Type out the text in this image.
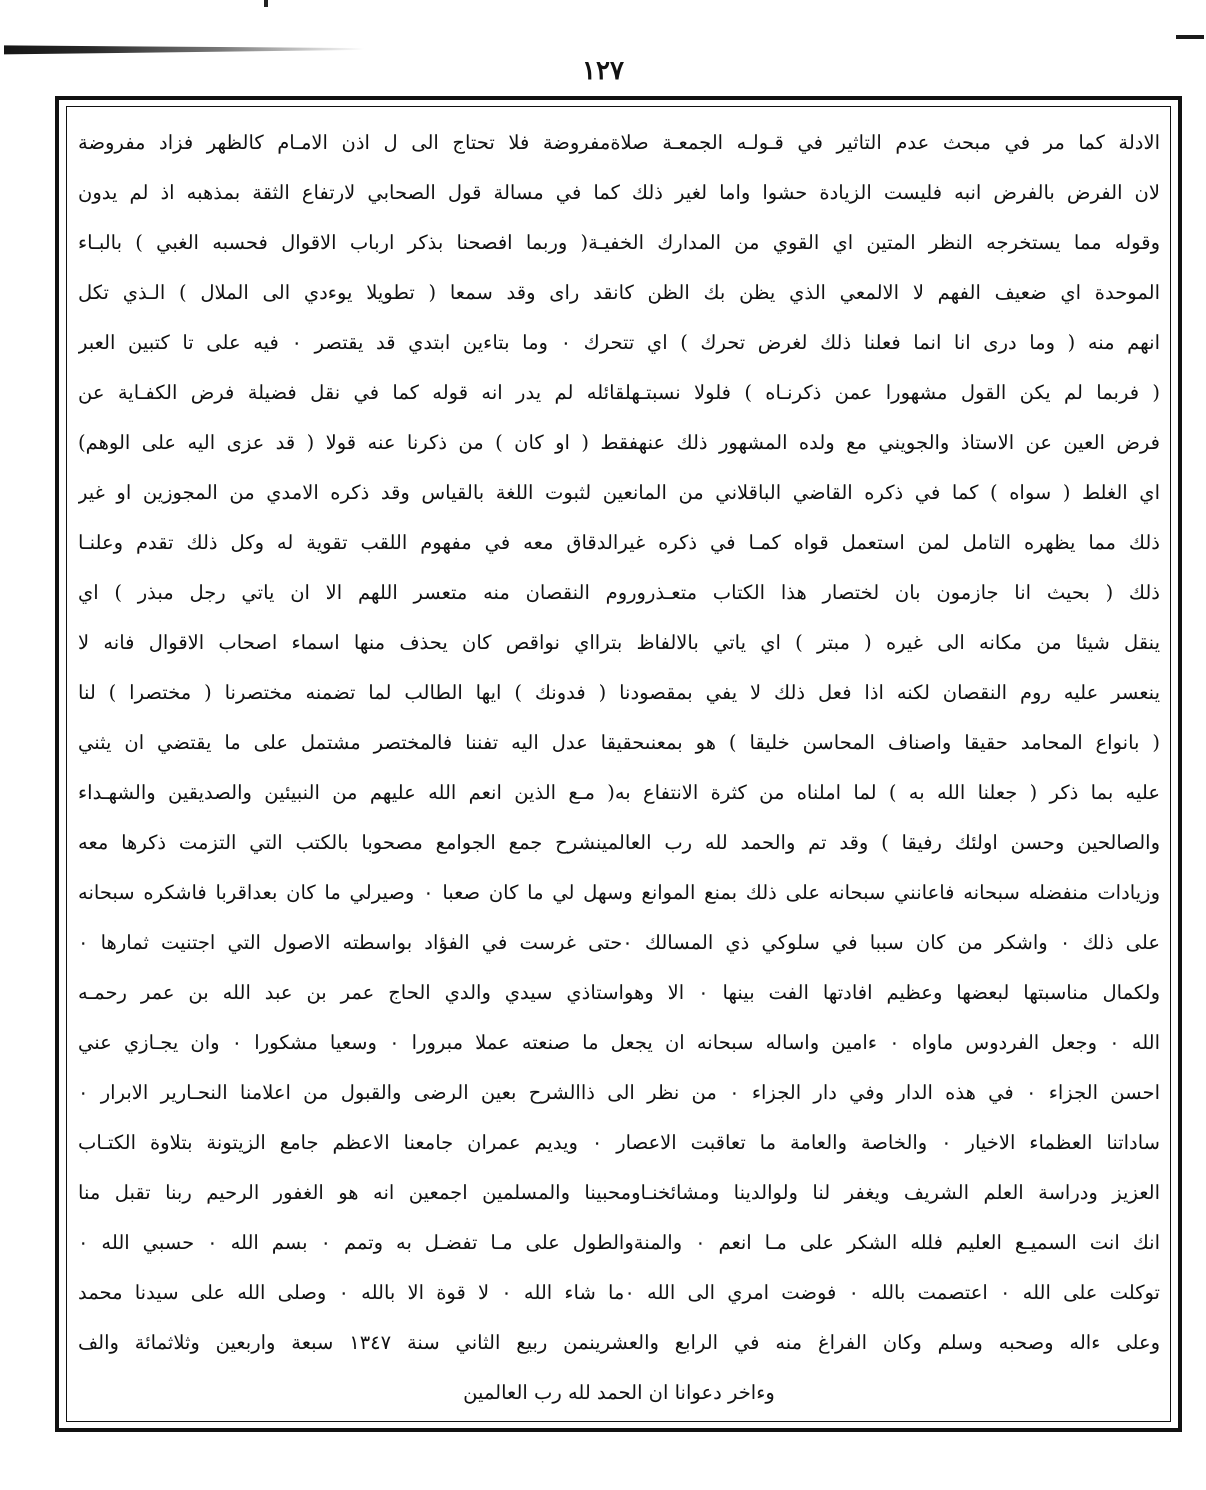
١٢٧
الادلة كما مر في مبحث عدم التاثير في قـولـه الجمعـة صلاةمفروضة فلا تحتاج الى ل اذن الامـام كالظهر فزاد مفروضة
لان الفرض بالفرض انبه فليست الزيادة حشوا واما لغير ذلك كما في مسالة قول الصحابي لارتفاع الثقة بمذهبه اذ لم يدون
وقوله مما يستخرجه النظر المتين اي القوي من المدارك الخفيـة( وربما افصحنا بذكر ارباب الاقوال فحسبه الغبي ) بالبـاء
الموحدة اي ضعيف الفهم لا الالمعي الذي يظن بك الظن كانقد راى وقد سمعا ( تطويلا يوءدي الى الملال ) الـذي تكل
انهم منه ( وما درى انا انما فعلنا ذلك لغرض تحرك ) اي تتحرك ٠ وما بتاءين ابتدي قد يقتصر ٠ فيه على تا كتبين العبر
( فربما لم يكن القول مشهورا عمن ذكرنـاه ) فلولا نسبتـهلقائله لم يدر انه قوله كما في نقل فضيلة فرض الكفـاية عن
فرض العين عن الاستاذ والجويني مع ولده المشهور ذلك عنهفقط ( او كان ) من ذكرنا عنه قولا ( قد عزى اليه على الوهم)
اي الغلط ( سواه ) كما في ذكره القاضي الباقلاني من المانعين لثبوت اللغة بالقياس وقد ذكره الامدي من المجوزين او غير
ذلك مما يظهره التامل لمن استعمل قواه كمـا في ذكره غيرالدقاق معه في مفهوم اللقب تقوية له وكل ذلك تقدم وعلنـا
ذلك ( بحيث انا جازمون بان لختصار هذا الكتاب متعـذروروم النقصان منه متعسر اللهم الا ان ياتي رجل مبذر ) اي
ينقل شيئا من مكانه الى غيره ( مبتر ) اي ياتي بالالفاظ بترااي نواقص كان يحذف منها اسماء اصحاب الاقوال فانه لا
ينعسر عليه روم النقصان لكنه اذا فعل ذلك لا يفي بمقصودنا ( فدونك ) ايها الطالب لما تضمنه مختصرنا ( مختصرا ) لنا
( بانواع المحامد حقيقا واصناف المحاسن خليقا ) هو بمعنىحقيقا عدل اليه تفننا فالمختصر مشتمل على ما يقتضي ان يثني
عليه بما ذكر ( جعلنا الله به ) لما املناه من كثرة الانتفاع به( مـع الذين انعم الله عليهم من النبيئين والصديقين والشهـداء
والصالحين وحسن اولئك رفيقا ) وقد تم والحمد لله رب العالمينشرح جمع الجوامع مصحوبا بالكتب التي التزمت ذكرها معه
وزيادات منفضله سبحانه فاعانني سبحانه على ذلك بمنع الموانع وسهل لي ما كان صعبا ٠ وصيرلي ما كان بعداقربا فاشكره سبحانه
على ذلك ٠ واشكر من كان سببا في سلوكي ذي المسالك ٠حتى غرست في الفؤاد بواسطته الاصول التي اجتنيت ثمارها ٠
ولكمال مناسبتها لبعضها وعظيم افادتها الفت بينها ٠ الا وهواستاذي سيدي والدي الحاج عمر بن عبد الله بن عمر رحمـه
الله ٠ وجعل الفردوس ماواه ٠ ءامين واساله سبحانه ان يجعل ما صنعته عملا مبرورا ٠ وسعيا مشكورا ٠ وان يجـازي عني
احسن الجزاء ٠ في هذه الدار وفي دار الجزاء ٠ من نظر الى ذاالشرح بعين الرضى والقبول من اعلامنا النحـارير الابرار ٠
ساداتنا العظماء الاخيار ٠ والخاصة والعامة ما تعاقبت الاعصار ٠ ويديم عمران جامعنا الاعظم جامع الزيتونة بتلاوة الكتـاب
العزيز ودراسة العلم الشريف ويغفر لنا ولوالدينا ومشائخنـاومحبينا والمسلمين اجمعين انه هو الغفور الرحيم ربنا تقبل منا
انك انت السميـع العليم فلله الشكر على مـا انعم ٠ والمنةوالطول على مـا تفضـل به وتمم ٠ بسم الله ٠ حسبي الله ٠
توكلت على الله ٠ اعتصمت بالله ٠ فوضت امري الى الله ٠ما شاء الله ٠ لا قوة الا بالله ٠ وصلى الله على سيدنا محمد
وعلى ءاله وصحبه وسلم وكان الفراغ منه في الرابع والعشرينمن ربيع الثاني سنة ١٣٤٧ سبعة واربعين وثلاثمائة والف
وءاخر دعوانا ان الحمد لله رب العالمين
